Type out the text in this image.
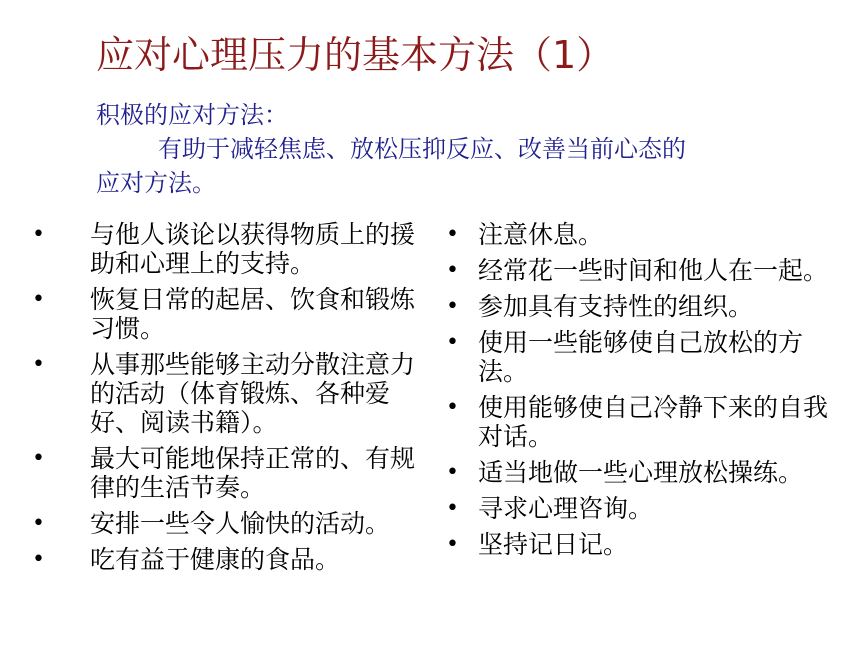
应对心理压力的基本方法（1）
积极的应对方法：
有助于减轻焦虑、放松压抑反应、改善当前心态的
应对方法。
• 与他人谈论以获得物质上的援助和心理上的支持。
• 恢复日常的起居、饮食和锻炼习惯。
• 从事那些能够主动分散注意力的活动（体育锻炼、各种爱好、阅读书籍）。
• 最大可能地保持正常的、有规律的生活节奏。
• 安排一些令人愉快的活动。
• 吃有益于健康的食品。
• 注意休息。
• 经常花一些时间和他人在一起。
• 参加具有支持性的组织。
• 使用一些能够使自己放松的方法。
• 使用能够使自己冷静下来的自我对话。
• 适当地做一些心理放松操练。
• 寻求心理咨询。
• 坚持记日记。
